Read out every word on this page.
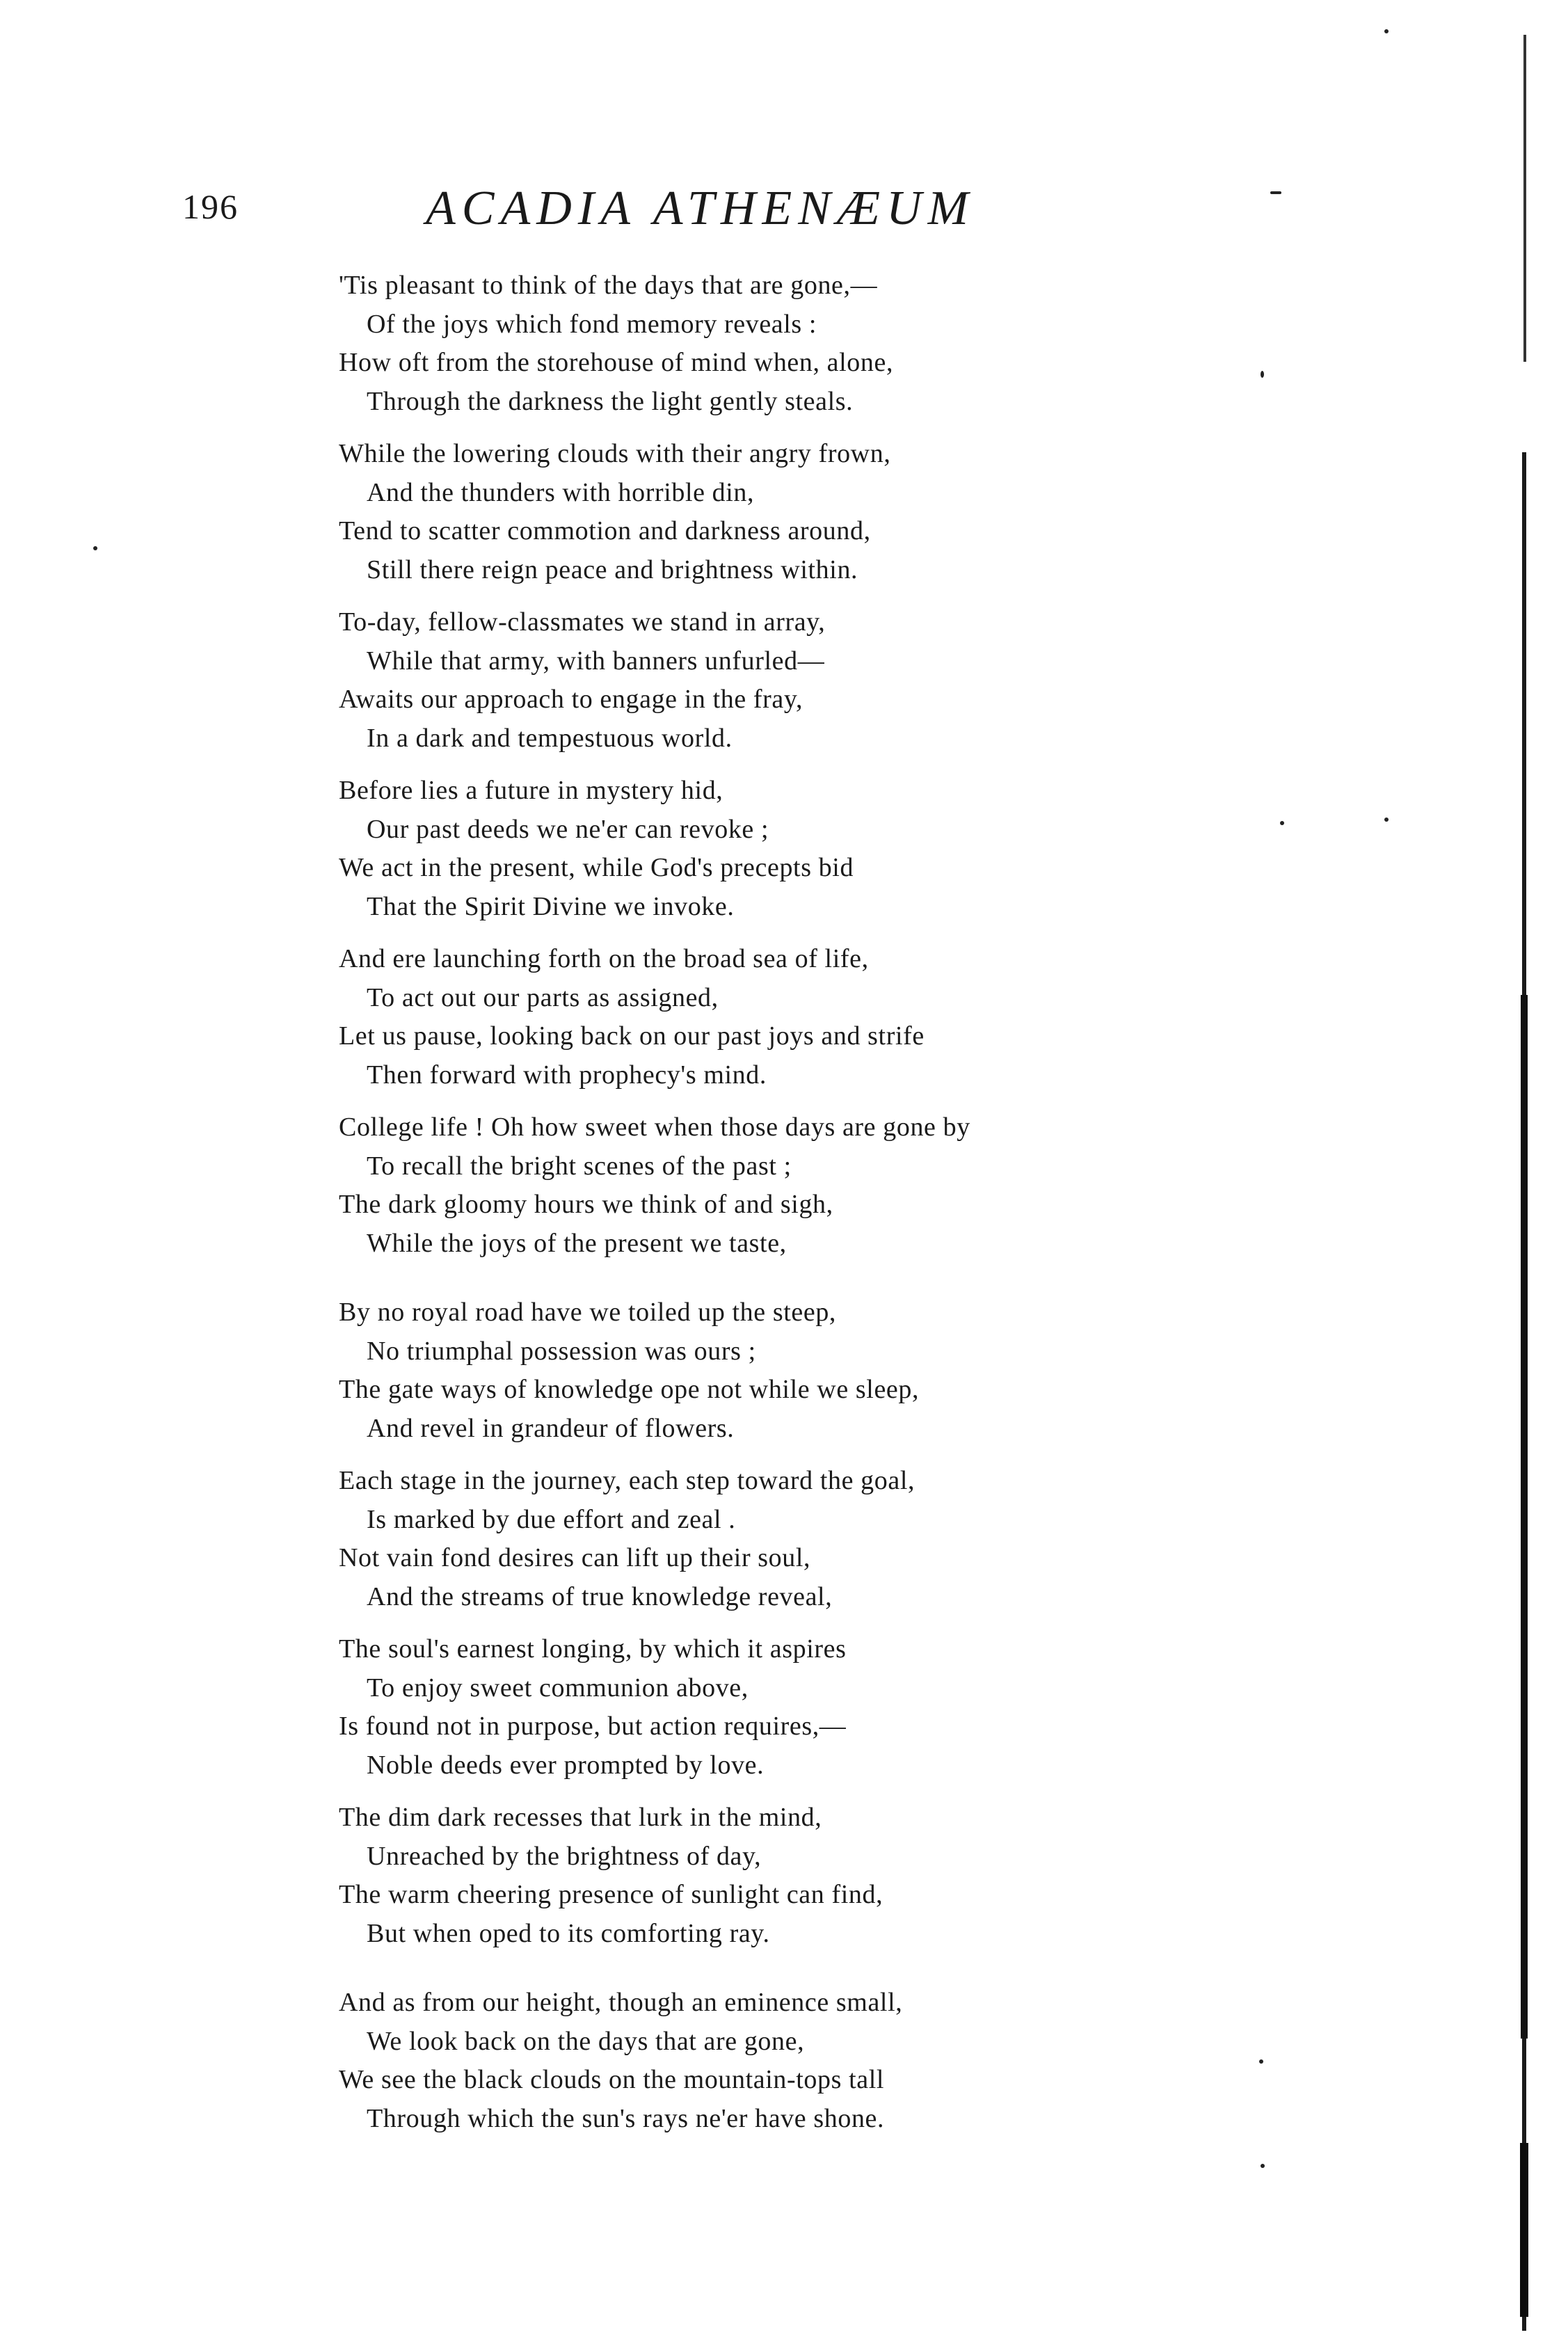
196	ACADIA ATHENÆUM
'Tis pleasant to think of the days that are gone,—
Of the joys which fond memory reveals :
How oft from the storehouse of mind when, alone,
Through the darkness the light gently steals.
While the lowering clouds with their angry frown,
And the thunders with horrible din,
Tend to scatter commotion and darkness around,
Still there reign peace and brightness within.
To-day, fellow-classmates we stand in array,
While that army, with banners unfurled—
Awaits our approach to engage in the fray,
In a dark and tempestuous world.
Before lies a future in mystery hid,
Our past deeds we ne'er can revoke ;
We act in the present, while God's precepts bid
That the Spirit Divine we invoke.
And ere launching forth on the broad sea of life,
To act out our parts as assigned,
Let us pause, looking back on our past joys and strife
Then forward with prophecy's mind.
College life ! Oh how sweet when those days are gone by
To recall the bright scenes of the past ;
The dark gloomy hours we think of and sigh,
While the joys of the present we taste,
By no royal road have we toiled up the steep,
No triumphal possession was ours ;
The gate ways of knowledge ope not while we sleep,
And revel in grandeur of flowers.
Each stage in the journey, each step toward the goal,
Is marked by due effort and zeal .
Not vain fond desires can lift up their soul,
And the streams of true knowledge reveal,
The soul's earnest longing, by which it aspires
To enjoy sweet communion above,
Is found not in purpose, but action requires,—
Noble deeds ever prompted by love.
The dim dark recesses that lurk in the mind,
Unreached by the brightness of day,
The warm cheering presence of sunlight can find,
But when oped to its comforting ray.
And as from our height, though an eminence small,
We look back on the days that are gone,
We see the black clouds on the mountain-tops tall
Through which the sun's rays ne'er have shone.
